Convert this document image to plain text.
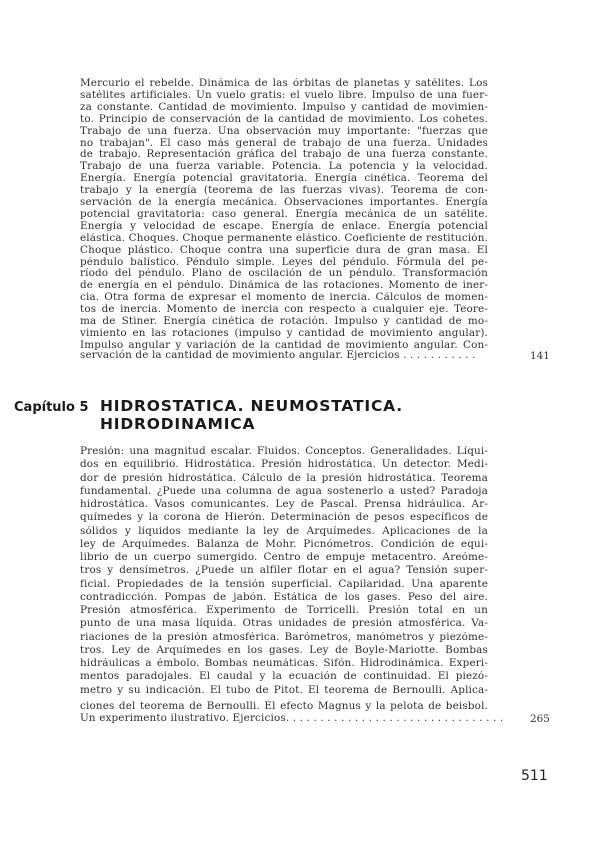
Mercurio el rebelde. Dinámica de las órbitas de planetas y satélites. Los
satélites artificiales. Un vuelo gratis: el vuelo libre. Impulso de una fuer-
za constante. Cantidad de movimiento. Impulso y cantidad de movimien-
to. Principio de conservación de la cantidad de movimiento. Los cohetes.
Trabajo de una fuerza. Una observación muy importante: "fuerzas que
no trabajan". El caso más general de trabajo de una fuerza. Unidades
de trabajo. Representación gráfica del trabajo de una fuerza constante.
Trabajo de una fuerza variable. Potencia. La potencia y la velocidad.
Energía. Energía potencial gravitatoria. Energía cinética. Teorema del
trabajo y la energía (teorema de las fuerzas vivas). Teorema de con-
servación de la energía mecánica. Observaciones importantes. Energía
potencial gravitatoria: caso general. Energía mecánica de un satélite.
Energía y velocidad de escape. Energía de enlace. Energía potencial
elástica. Choques. Choque permanente elástico. Coeficiente de restitución.
Choque plástico. Choque contra una superficie dura de gran masa. El
péndulo balístico. Péndulo simple. Leyes del péndulo. Fórmula del pe-
ríodo del péndulo. Plano de oscilación de un péndulo. Transformación
de energía en el péndulo. Dinámica de las rotaciones. Momento de iner-
cia. Otra forma de expresar el momento de inercia. Cálculos de momen-
tos de inercia. Momento de inercia con respecto a cualquier eje. Teore-
ma de Stiner. Energía cinética de rotación. Impulso y cantidad de mo-
vimiento en las rotaciones (impulso y cantidad de movimiento angular).
Impulso angular y variación de la cantidad de movimiento angular. Con-
servación de la cantidad de movimiento angular. Ejercicios . . . . . . . . . . .	141
Capítulo 5 HIDROSTATICA. NEUMOSTATICA.
HIDRODINAMICA
Presión: una magnitud escalar. Fluidos. Conceptos. Generalidades. Líqui-
dos en equilibrio. Hidrostática. Presión hidrostática. Un detector. Medi-
dor de presión hidrostática. Cálculo de la presión hidrostática. Teorema
fundamental. ¿Puede una columna de agua sostenerlo a usted? Paradoja
hidrostática. Vasos comunicantes. Ley de Pascal. Prensa hidráulica. Ar-
químedes y la corona de Hierón. Determinación de pesos específicos de
sólidos y líquidos mediante la ley de Arquímedes. Aplicaciones de la
ley de Arquímedes. Balanza de Mohr. Picnómetros. Condición de equi-
librio de un cuerpo sumergido. Centro de empuje metacentro. Areóme-
tros y densímetros. ¿Puede un alfiler flotar en el agua? Tensión super-
ficial. Propiedades de la tensión superficial. Capilaridad. Una aparente
contradicción. Pompas de jabón. Estática de los gases. Peso del aire.
Presión atmosférica. Experimento de Torricelli. Presión total en un
punto de una masa líquida. Otras unidades de presión atmosférica. Va-
riaciones de la presión atmosférica. Barómetros, manómetros y piezóme-
tros. Ley de Arquímedes en los gases. Ley de Boyle-Mariotte. Bombas
hidráulicas a émbolo. Bombas neumáticas. Sifón. Hidrodinámica. Experi-
mentos paradojales. El caudal y la ecuación de continuidad. El piezó-
metro y su indicación. El tubo de Pitot. El teorema de Bernoulli. Aplica-
ciones del teorema de Bernoulli. El efecto Magnus y la pelota de beisbol.
Un experimento ilustrativo. Ejercicios. . . . . . . . . . . . . . . . . . . . . . . . . . . . . . . .	265
511
